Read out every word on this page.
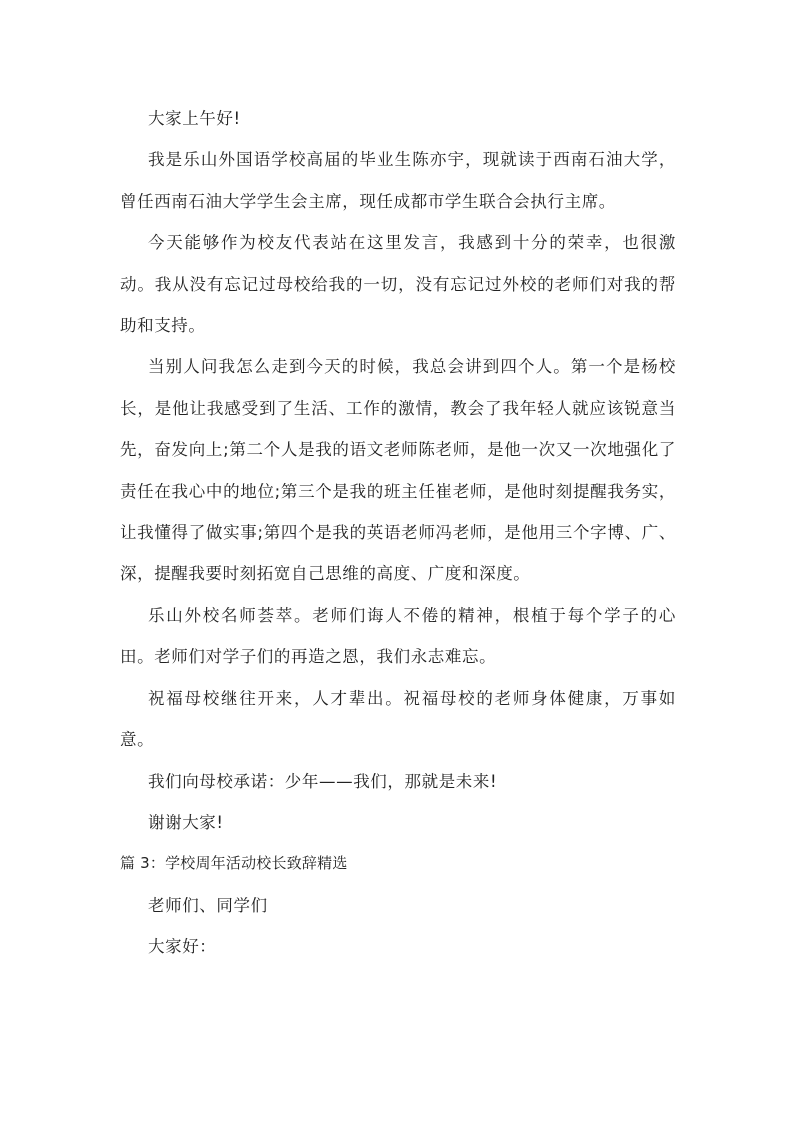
大家上午好!

我是乐山外国语学校高届的毕业生陈亦宇，现就读于西南石油大学，曾任西南石油大学学生会主席，现任成都市学生联合会执行主席。

今天能够作为校友代表站在这里发言，我感到十分的荣幸，也很激动。我从没有忘记过母校给我的一切，没有忘记过外校的老师们对我的帮助和支持。

当别人问我怎么走到今天的时候，我总会讲到四个人。第一个是杨校长，是他让我感受到了生活、工作的激情，教会了我年轻人就应该锐意当先，奋发向上;第二个人是我的语文老师陈老师，是他一次又一次地强化了责任在我心中的地位;第三个是我的班主任崔老师，是他时刻提醒我务实，让我懂得了做实事;第四个是我的英语老师冯老师，是他用三个字博、广、深，提醒我要时刻拓宽自己思维的高度、广度和深度。

乐山外校名师荟萃。老师们诲人不倦的精神，根植于每个学子的心田。老师们对学子们的再造之恩，我们永志难忘。

祝福母校继往开来，人才辈出。祝福母校的老师身体健康，万事如意。

我们向母校承诺：少年——我们，那就是未来!

谢谢大家!

篇 3：学校周年活动校长致辞精选

老师们、同学们

大家好：
